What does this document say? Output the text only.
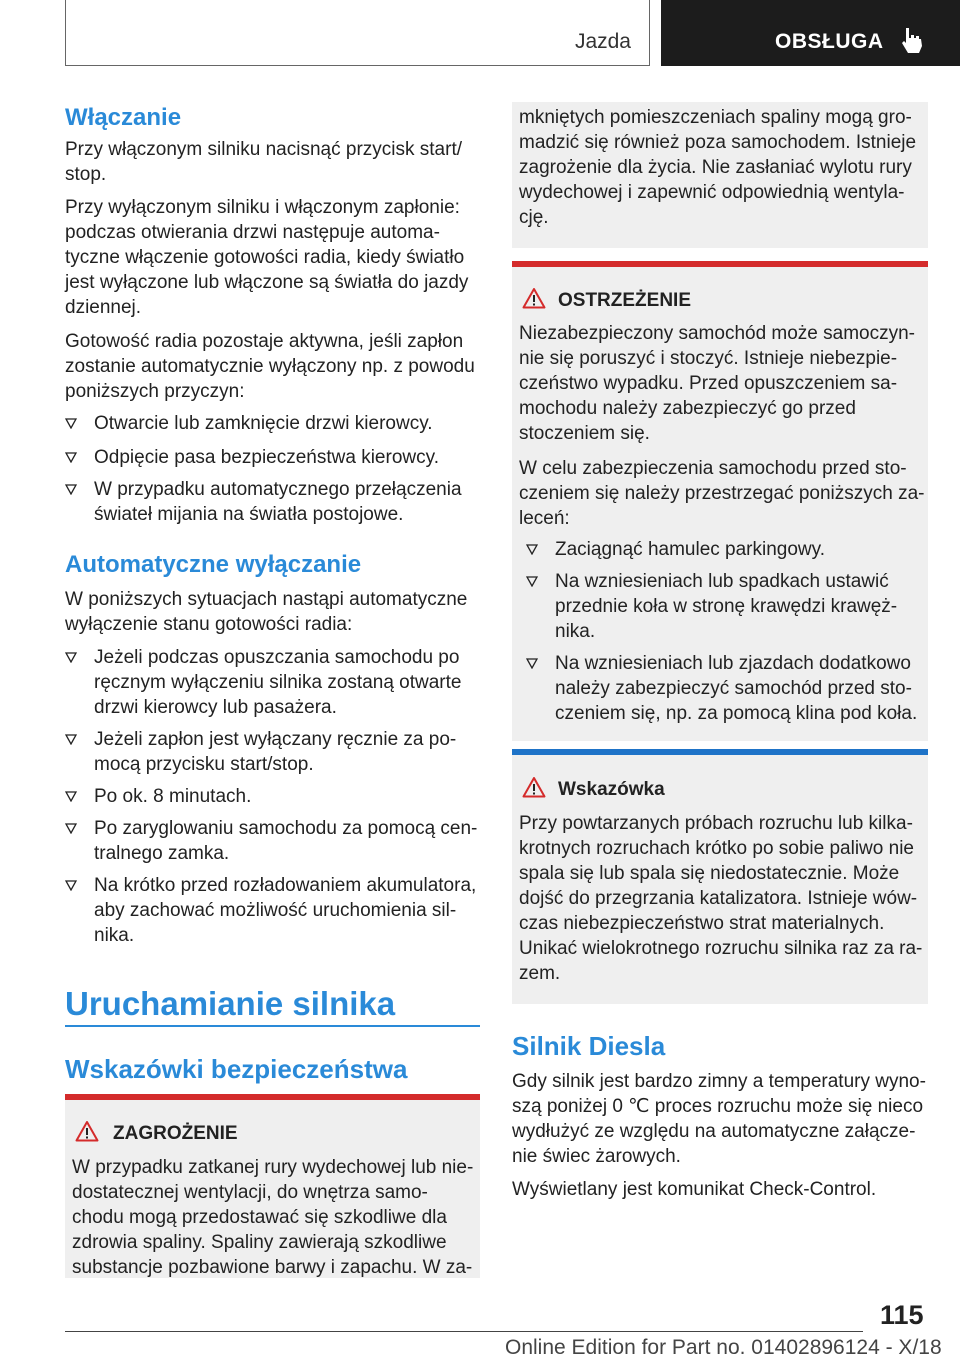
Jazda	OBSŁUGA
Włączanie
Przy włączonym silniku nacisnąć przycisk start/
stop.
Przy wyłączonym silniku i włączonym zapłonie:
podczas otwierania drzwi następuje automa-
tyczne włączenie gotowości radia, kiedy światło
jest wyłączone lub włączone są światła do jazdy
dziennej.
Gotowość radia pozostaje aktywna, jeśli zapłon
zostanie automatycznie wyłączony np. z powodu
poniższych przyczyn:
Otwarcie lub zamknięcie drzwi kierowcy.
Odpięcie pasa bezpieczeństwa kierowcy.
W przypadku automatycznego przełączenia
świateł mijania na światła postojowe.
Automatyczne wyłączanie
W poniższych sytuacjach nastąpi automatyczne
wyłączenie stanu gotowości radia:
Jeżeli podczas opuszczania samochodu po
ręcznym wyłączeniu silnika zostaną otwarte
drzwi kierowcy lub pasażera.
Jeżeli zapłon jest wyłączany ręcznie za po-
mocą przycisku start/stop.
Po ok. 8 minutach.
Po zaryglowaniu samochodu za pomocą cen-
tralnego zamka.
Na krótko przed rozładowaniem akumulatora,
aby zachować możliwość uruchomienia sil-
nika.
Uruchamianie silnika
Wskazówki bezpieczeństwa
ZAGROŻENIE
W przypadku zatkanej rury wydechowej lub nie-
dostatecznej wentylacji, do wnętrza samo-
chodu mogą przedostawać się szkodliwe dla
zdrowia spaliny. Spaliny zawierają szkodliwe
substancje pozbawione barwy i zapachu. W za-
mkniętych pomieszczeniach spaliny mogą gro-
madzić się również poza samochodem. Istnieje
zagrożenie dla życia. Nie zasłaniać wylotu rury
wydechowej i zapewnić odpowiednią wentyla-
cję.
OSTRZEŻENIE
Niezabezpieczony samochód może samoczyn-
nie się poruszyć i stoczyć. Istnieje niebezpie-
czeństwo wypadku. Przed opuszczeniem sa-
mochodu należy zabezpieczyć go przed
stoczeniem się.
W celu zabezpieczenia samochodu przed sto-
czeniem się należy przestrzegać poniższych za-
leceń:
Zaciągnąć hamulec parkingowy.
Na wzniesieniach lub spadkach ustawić
przednie koła w stronę krawędzi krawęż-
nika.
Na wzniesieniach lub zjazdach dodatkowo
należy zabezpieczyć samochód przed sto-
czeniem się, np. za pomocą klina pod koła.
Wskazówka
Przy powtarzanych próbach rozruchu lub kilka-
krotnych rozruchach krótko po sobie paliwo nie
spala się lub spala się niedostatecznie. Może
dojść do przegrzania katalizatora. Istnieje wów-
czas niebezpieczeństwo strat materialnych.
Unikać wielokrotnego rozruchu silnika raz za ra-
zem.
Silnik Diesla
Gdy silnik jest bardzo zimny a temperatury wyno-
szą poniżej 0 ℃ proces rozruchu może się nieco
wydłużyć ze względu na automatyczne załącze-
nie świec żarowych.
Wyświetlany jest komunikat Check-Control.
115
Online Edition for Part no. 01402896124 - X/18
